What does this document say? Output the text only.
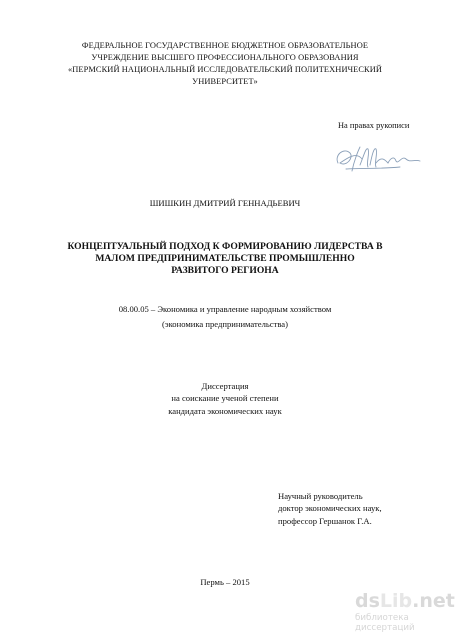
ФЕДЕРАЛЬНОЕ ГОСУДАРСТВЕННОЕ БЮДЖЕТНОЕ ОБРАЗОВАТЕЛЬНОЕ
УЧРЕЖДЕНИЕ ВЫСШЕГО ПРОФЕССИОНАЛЬНОГО ОБРАЗОВАНИЯ
«ПЕРМСКИЙ НАЦИОНАЛЬНЫЙ ИССЛЕДОВАТЕЛЬСКИЙ ПОЛИТЕХНИЧЕСКИЙ
УНИВЕРСИТЕТ»
На правах рукописи
ШИШКИН ДМИТРИЙ ГЕННАДЬЕВИЧ
КОНЦЕПТУАЛЬНЫЙ ПОДХОД К ФОРМИРОВАНИЮ ЛИДЕРСТВА В
МАЛОМ ПРЕДПРИНИМАТЕЛЬСТВЕ ПРОМЫШЛЕННО
РАЗВИТОГО РЕГИОНА
08.00.05 – Экономика и управление народным хозяйством
(экономика предпринимательства)
Диссертация
на соискание ученой степени
кандидата экономических наук
Научный руководитель
доктор экономических наук,
профессор Гершанок Г.А.
Пермь – 2015
dsLib.net
библиотека диссертаций
